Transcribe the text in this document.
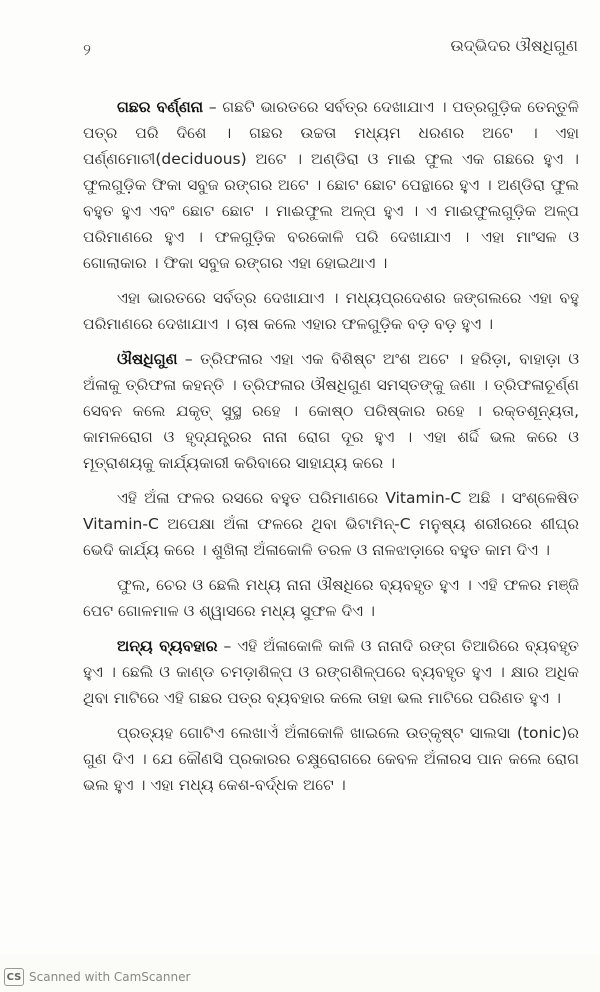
୨	ଉଦ୍ଭିଦର ଔଷଧିଗୁଣ

ଗଛର ବର୍ଣ୍ଣନା – ଗଛଟି ଭାରତରେ ସର୍ବତ୍ର ଦେଖାଯାଏ । ପତ୍ରଗୁଡ଼ିକ ତେନ୍ତୁଳି ପତ୍ର ପରି ଦିଶେ । ଗଛର ଉଚ୍ଚତା ମଧ୍ୟମ ଧରଣର ଅଟେ । ଏହା ପର୍ଣ୍ଣମୋଚୀ(deciduous) ଅଟେ । ଅଣ୍ଡିରା ଓ ମାଈ ଫୁଲ ଏକ ଗଛରେ ହୁଏ । ଫୁଲଗୁଡ଼ିକ ଫିକା ସବୁଜ ରଙ୍ଗର ଅଟେ । ଛୋଟ ଛୋଟ ପେନ୍ଥାରେ ହୁଏ । ଅଣ୍ଡିରା ଫୁଲ ବହୁତ ହୁଏ ଏବଂ ଛୋଟ ଛୋଟ । ମାଈଫୁଲ ଅଳ୍ପ ହୁଏ । ଏ ମାଈଫୁଲଗୁଡ଼ିକ ଅଳ୍ପ ପରିମାଣରେ ହୁଏ । ଫଳଗୁଡ଼ିକ ବରକୋଳି ପରି ଦେଖାଯାଏ । ଏହା ମାଂସଳ ଓ ଗୋଲାକାର । ଫିକା ସବୁଜ ରଙ୍ଗର ଏହା ହୋଇଥାଏ ।

ଏହା ଭାରତରେ ସର୍ବତ୍ର ଦେଖାଯାଏ । ମଧ୍ୟପ୍ରଦେଶର ଜଙ୍ଗଲରେ ଏହା ବହୁ ପରିମାଣରେ ଦେଖାଯାଏ । ଚାଷ କଲେ ଏହାର ଫଳଗୁଡ଼ିକ ବଡ଼ ବଡ଼ ହୁଏ ।

ଔଷଧିଗୁଣ – ତ୍ରିଫଳାର ଏହା ଏକ ବିଶିଷ୍ଟ ଅଂଶ ଅଟେ । ହରିଡ଼ା, ବାହାଡ଼ା ଓ ଅଁଳାକୁ ତ୍ରିଫଳା କହନ୍ତି । ତ୍ରିଫଳାର ଔଷଧିଗୁଣ ସମସ୍ତଙ୍କୁ ଜଣା । ତ୍ରିଫଳାଚୂର୍ଣ୍ଣ ସେବନ କଲେ ଯକୃତ୍ ସୁସ୍ଥ ରହେ । କୋଷ୍ଠ ପରିଷ୍କାର ରହେ । ରକ୍ତଶୂନ୍ୟତା, କାମଳରୋଗ ଓ ହୃଦ୍‌ଯନ୍ତ୍ରର ନାନା ରୋଗ ଦୂର ହୁଏ । ଏହା ଶର୍ଦ୍ଦି ଭଲ କରେ ଓ ମୂତ୍ରାଶୟକୁ କାର୍ଯ୍ୟକାରୀ କରିବାରେ ସାହାଯ୍ୟ କରେ ।

ଏହି ଅଁଳା ଫଳର ରସରେ ବହୁତ ପରିମାଣରେ Vitamin-C ଅଛି । ସଂଶ୍ଳେଷିତ Vitamin-C ଅପେକ୍ଷା ଅଁଳା ଫଳରେ ଥିବା ଭିଟାମିନ୍-C ମନୁଷ୍ୟ ଶରୀରରେ ଶୀଘ୍ର ଭେଦି କାର୍ଯ୍ୟ କରେ । ଶୁଖିଲା ଅଁଳାକୋଳି ତରଳ ଓ ନାଳଝାଡ଼ାରେ ବହୁତ କାମ ଦିଏ ।

ଫୁଲ, ଚେର ଓ ଛେଲି ମଧ୍ୟ ନାନା ଔଷଧିରେ ବ୍ୟବହୃତ ହୁଏ । ଏହି ଫଳର ମଞ୍ଜି ପେଟ ଗୋଳମାଳ ଓ ଶ୍ୱାସରେ ମଧ୍ୟ ସୁଫଳ ଦିଏ ।

ଅନ୍ୟ ବ୍ୟବହାର – ଏହି ଅଁଳାକୋଳି କାଳି ଓ ନାନାଦି ରଙ୍ଗ ତିଆରିରେ ବ୍ୟବହୃତ ହୁଏ । ଛେଲି ଓ କାଣ୍ଡ ଚମଡ଼ାଶିଳ୍ପ ଓ ରଙ୍ଗଶିଳ୍ପରେ ବ୍ୟବହୃତ ହୁଏ । କ୍ଷାର ଅଧିକ ଥିବା ମାଟିରେ ଏହି ଗଛର ପତ୍ର ବ୍ୟବହାର କଲେ ତାହା ଭଲ ମାଟିରେ ପରିଣତ ହୁଏ ।

ପ୍ରତ୍ୟହ ଗୋଟିଏ ଲେଖାଏଁ ଅଁଳାକୋଳି ଖାଇଲେ ଉତ୍କୃଷ୍ଟ ସାଲସା (tonic)ର ଗୁଣ ଦିଏ । ଯେ କୌଣସି ପ୍ରକାରର ଚକ୍ଷୁରୋଗରେ କେବଳ ଅଁଳାରସ ପାନ କଲେ ରୋଗ ଭଲ ହୁଏ । ଏହା ମଧ୍ୟ କେଶ-ବର୍ଦ୍ଧକ ଅଟେ ।

CS Scanned with CamScanner
